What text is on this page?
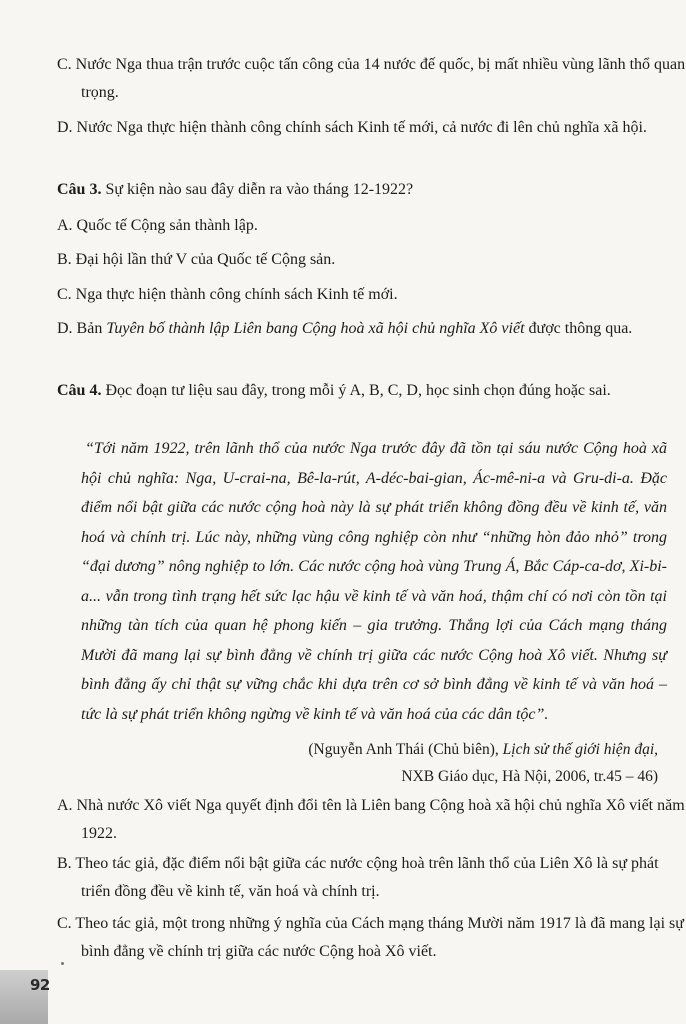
C. Nước Nga thua trận trước cuộc tấn công của 14 nước đế quốc, bị mất nhiều vùng lãnh thổ quan trọng.

D. Nước Nga thực hiện thành công chính sách Kinh tế mới, cả nước đi lên chủ nghĩa xã hội.

Câu 3. Sự kiện nào sau đây diễn ra vào tháng 12-1922?

A. Quốc tế Cộng sản thành lập.

B. Đại hội lần thứ V của Quốc tế Cộng sản.

C. Nga thực hiện thành công chính sách Kinh tế mới.

D. Bản Tuyên bố thành lập Liên bang Cộng hoà xã hội chủ nghĩa Xô viết được thông qua.

Câu 4. Đọc đoạn tư liệu sau đây, trong mỗi ý A, B, C, D, học sinh chọn đúng hoặc sai.

“Tới năm 1922, trên lãnh thổ của nước Nga trước đây đã tồn tại sáu nước Cộng hoà xã hội chủ nghĩa: Nga, U-crai-na, Bê-la-rút, A-déc-bai-gian, Ác-mê-ni-a và Gru-di-a. Đặc điểm nổi bật giữa các nước cộng hoà này là sự phát triển không đồng đều về kinh tế, văn hoá và chính trị. Lúc này, những vùng công nghiệp còn như “những hòn đảo nhỏ” trong “đại dương” nông nghiệp to lớn. Các nước cộng hoà vùng Trung Á, Bắc Cáp-ca-dơ, Xi-bi-a... vẫn trong tình trạng hết sức lạc hậu về kinh tế và văn hoá, thậm chí có nơi còn tồn tại những tàn tích của quan hệ phong kiến – gia trưởng. Thắng lợi của Cách mạng tháng Mười đã mang lại sự bình đẳng về chính trị giữa các nước Cộng hoà Xô viết. Nhưng sự bình đẳng ấy chỉ thật sự vững chắc khi dựa trên cơ sở bình đẳng về kinh tế và văn hoá – tức là sự phát triển không ngừng về kinh tế và văn hoá của các dân tộc”.

(Nguyễn Anh Thái (Chủ biên), Lịch sử thế giới hiện đại,

NXB Giáo dục, Hà Nội, 2006, tr.45 – 46)

A. Nhà nước Xô viết Nga quyết định đổi tên là Liên bang Cộng hoà xã hội chủ nghĩa Xô viết năm 1922.

B. Theo tác giả, đặc điểm nổi bật giữa các nước cộng hoà trên lãnh thổ của Liên Xô là sự phát triển đồng đều về kinh tế, văn hoá và chính trị.

C. Theo tác giả, một trong những ý nghĩa của Cách mạng tháng Mười năm 1917 là đã mang lại sự bình đẳng về chính trị giữa các nước Cộng hoà Xô viết.

92
